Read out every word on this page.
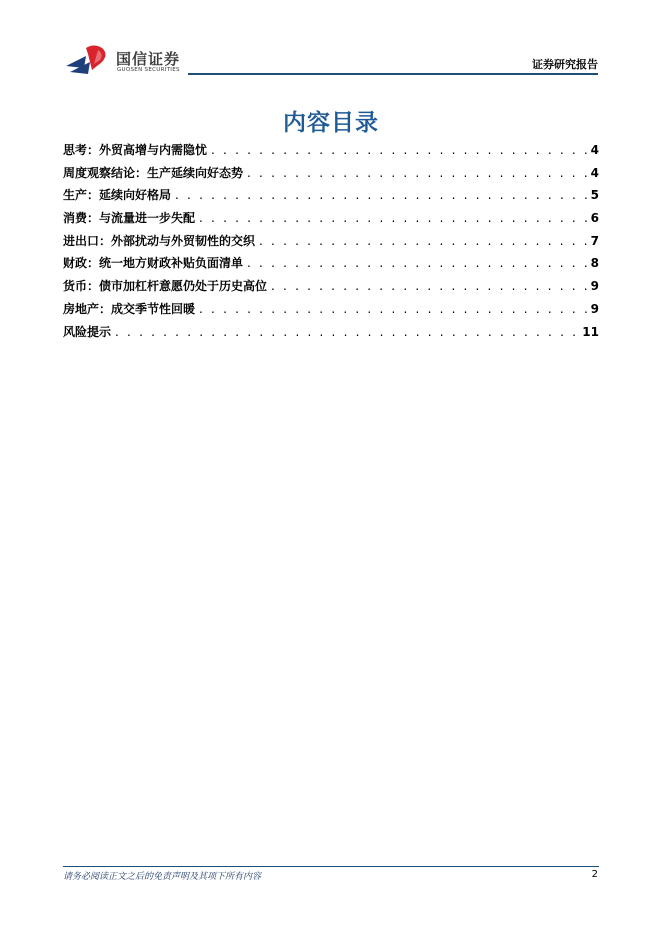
国信证券
GUOSEN SECURITIES	证券研究报告
内容目录
思考：外贸高增与内需隐忧 . . .	4
周度观察结论：生产延续向好态势 . . .	4
生产：延续向好格局 . . .	5
消费：与流量进一步失配 . . .	6
进出口：外部扰动与外贸韧性的交织 . . .	7
财政：统一地方财政补贴负面清单 . . .	8
货币：债市加杠杆意愿仍处于历史高位 . . .	9
房地产：成交季节性回暖 . . .	9
风险提示 . . .	11
请务必阅读正文之后的免责声明及其项下所有内容	2
